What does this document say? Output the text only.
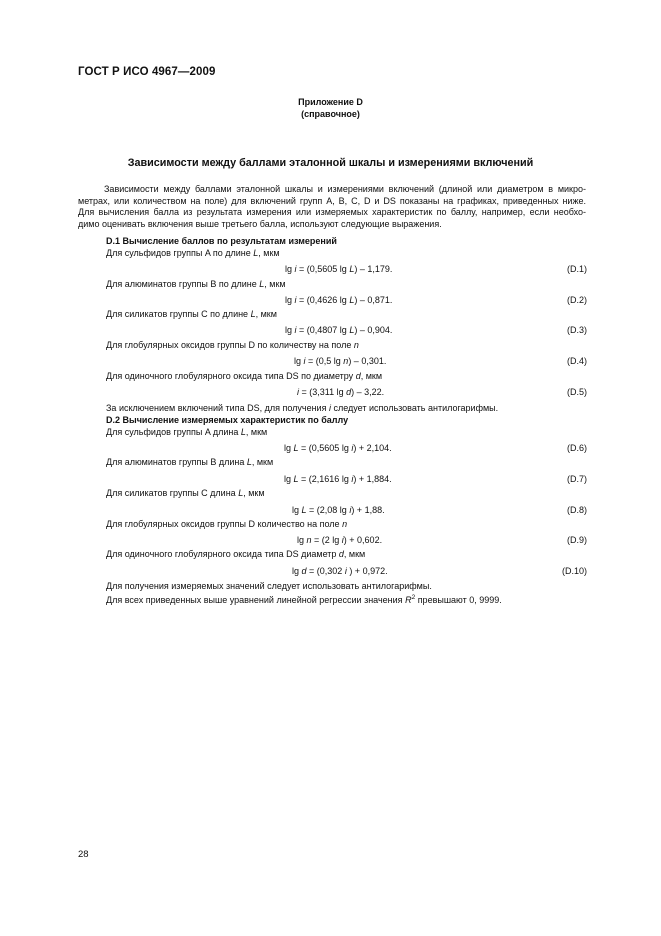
ГОСТ Р ИСО 4967—2009
Приложение D
(справочное)
Зависимости между баллами эталонной шкалы и измерениями включений
Зависимости между баллами эталонной шкалы и измерениями включений (длиной или диаметром в микро-
метрах, или количеством на поле) для включений групп A, B, C, D и DS показаны на графиках, приведенных ниже.
Для вычисления балла из результата измерения или измеряемых характеристик по баллу, например, если необхо-
димо оценивать включения выше третьего балла, используют следующие выражения.
D.1 Вычисление баллов по результатам измерений
Для сульфидов группы A по длине L, мкм
lg i = (0,5605 lg L) – 1,179.	(D.1)
Для алюминатов группы B по длине L, мкм
lg i = (0,4626 lg L) – 0,871.	(D.2)
Для силикатов группы C по длине L, мкм
lg i = (0,4807 lg L) – 0,904.	(D.3)
Для глобулярных оксидов группы D по количеству на поле n
lg i = (0,5 lg n) – 0,301.	(D.4)
Для одиночного глобулярного оксида типа DS по диаметру d, мкм
i = (3,311 lg d) – 3,22.	(D.5)
За исключением включений типа DS, для получения i следует использовать антилогарифмы.
D.2 Вычисление измеряемых характеристик по баллу
Для сульфидов группы A длина L, мкм
lg L = (0,5605 lg i) + 2,104.	(D.6)
Для алюминатов группы B длина L, мкм
lg L = (2,1616 lg i) + 1,884.	(D.7)
Для силикатов группы C длина L, мкм
lg L = (2,08 lg i) + 1,88.	(D.8)
Для глобулярных оксидов группы D количество на поле n
lg n = (2 lg i) + 0,602.	(D.9)
Для одиночного глобулярного оксида типа DS диаметр d, мкм
lg d = (0,302 i ) + 0,972.	(D.10)
Для получения измеряемых значений следует использовать антилогарифмы.
Для всех приведенных выше уравнений линейной регрессии значения $R^2$ превышают 0, 9999.
28
